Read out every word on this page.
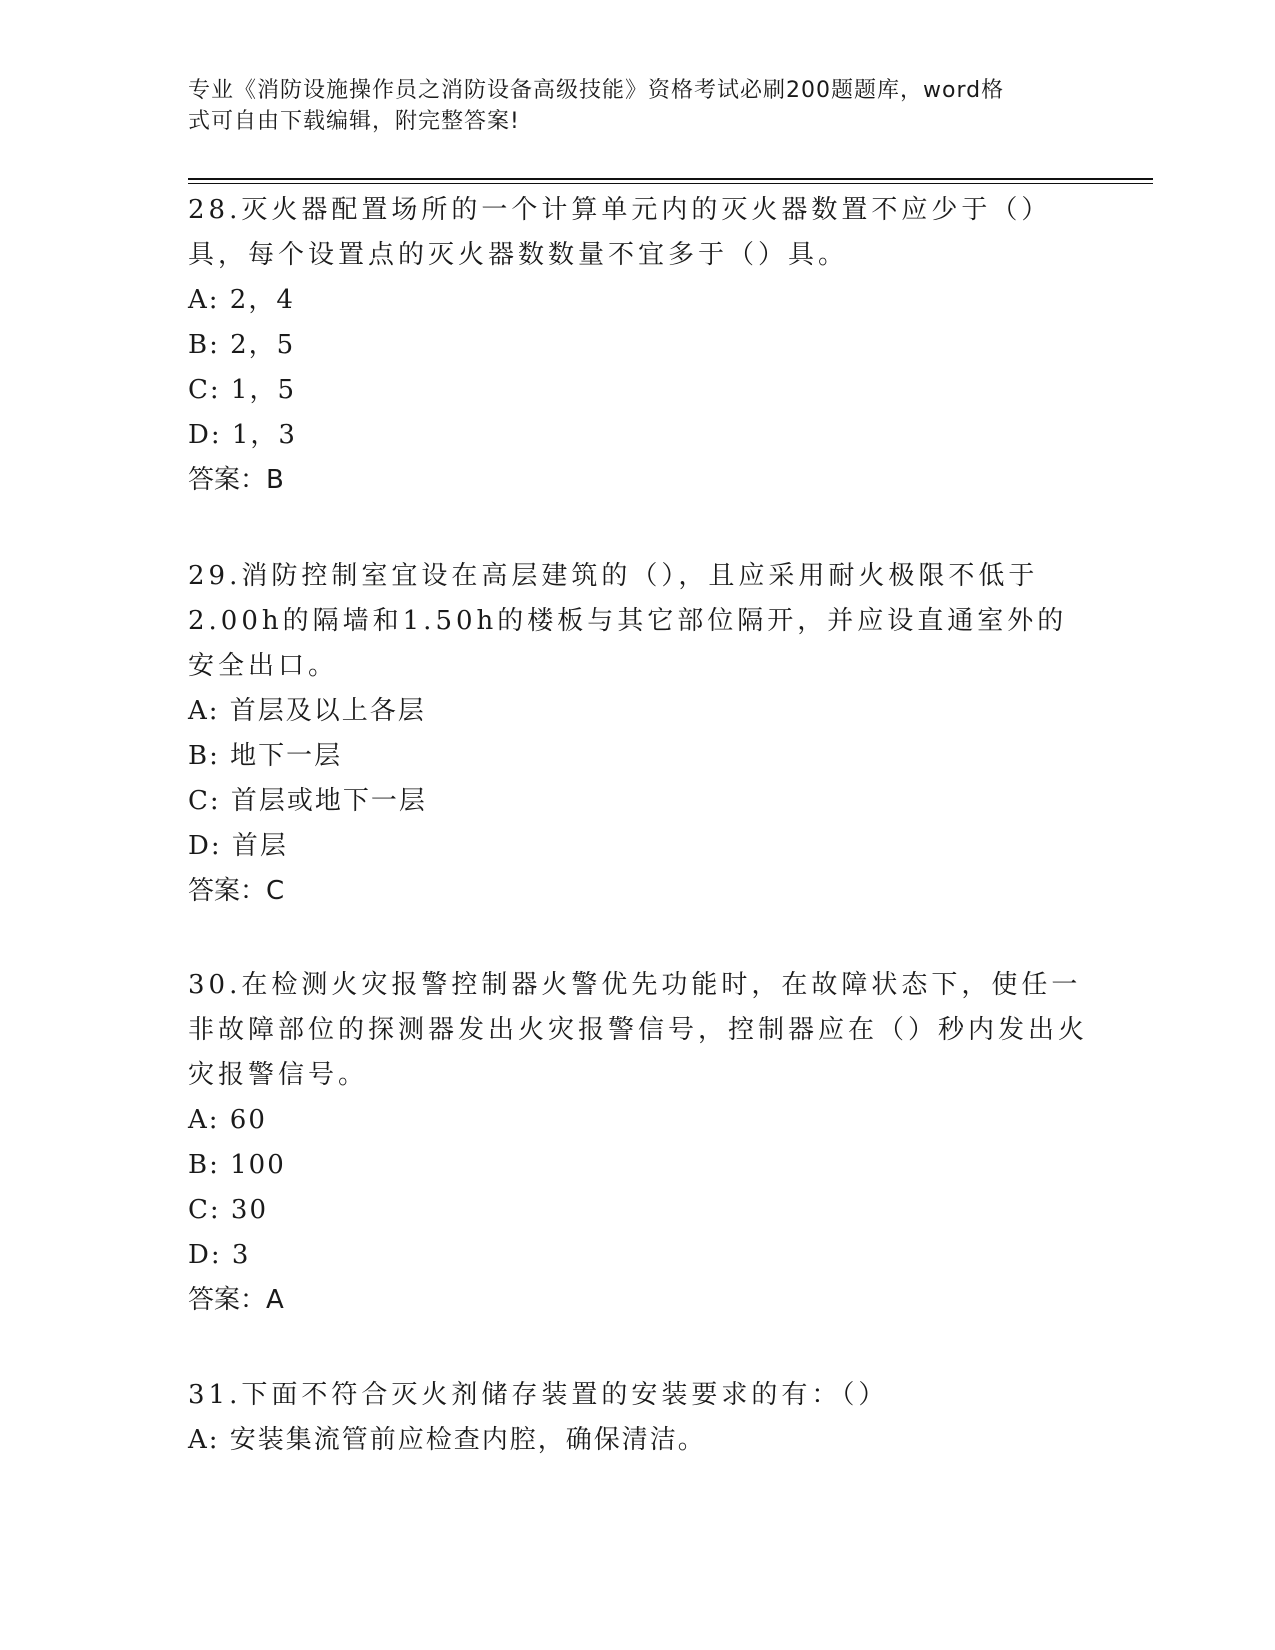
专业《消防设施操作员之消防设备高级技能》资格考试必刷200题题库，word格
式可自由下载编辑，附完整答案!

28.灭火器配置场所的一个计算单元内的灭火器数置不应少于（）具，每个设置点的灭火器数数量不宜多于（）具。

A: 2，4

B: 2，5

C: 1，5

D: 1，3

答案：B

29.消防控制室宜设在高层建筑的（），且应采用耐火极限不低于2.00h的隔墙和1.50h的楼板与其它部位隔开，并应设直通室外的安全出口。

A: 首层及以上各层

B: 地下一层

C: 首层或地下一层

D: 首层

答案：C

30.在检测火灾报警控制器火警优先功能时，在故障状态下，使任一非故障部位的探测器发出火灾报警信号，控制器应在（）秒内发出火灾报警信号。

A: 60

B: 100

C: 30

D: 3

答案：A

31.下面不符合灭火剂储存装置的安装要求的有：（）

A: 安装集流管前应检查内腔，确保清洁。
